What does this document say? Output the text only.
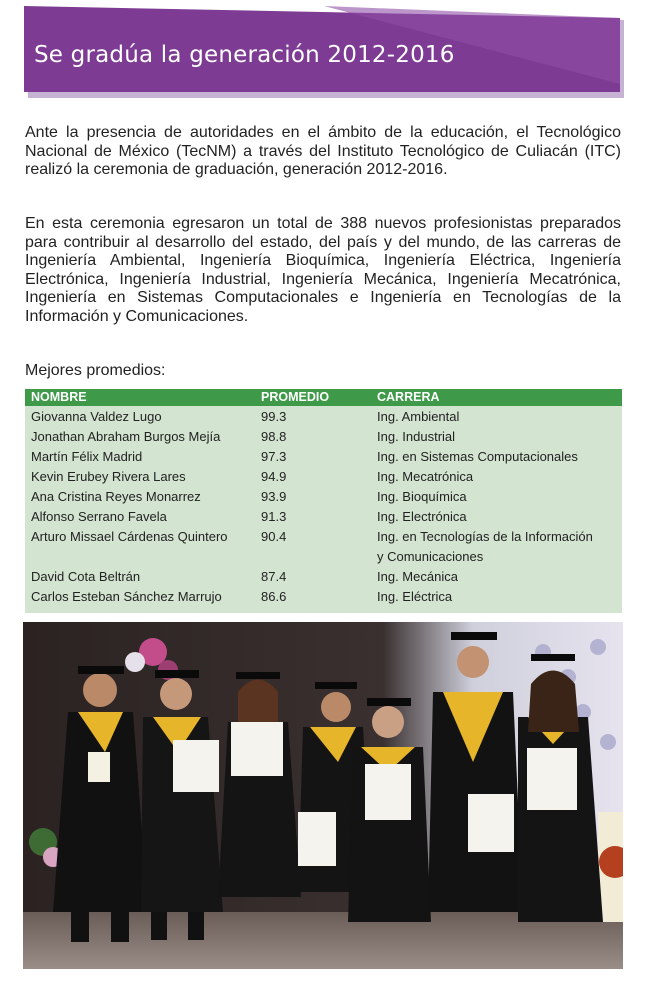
Se gradúa la generación 2012-2016

Ante la presencia de autoridades en el ámbito de la educación, el Tecnológico Nacional de México (TecNM) a través del Instituto Tecnológico de Culiacán (ITC) realizó la ceremonia de graduación, generación 2012-2016.

En esta ceremonia egresaron un total de 388 nuevos profesionistas preparados para contribuir al desarrollo del estado, del país y del mundo, de las carreras de Ingeniería Ambiental, Ingeniería Bioquímica, Ingeniería Eléctrica, Ingeniería Electrónica, Ingeniería Industrial, Ingeniería Mecánica, Ingeniería Mecatrónica, Ingeniería en Sistemas Computacionales e Ingeniería en Tecnologías de la Información y Comunicaciones.

Mejores promedios:
NOMBRE	PROMEDIO	CARRERA
Giovanna Valdez Lugo	99.3	Ing. Ambiental
Jonathan Abraham Burgos Mejía	98.8	Ing. Industrial
Martín Félix Madrid	97.3	Ing. en Sistemas Computacionales
Kevin Erubey Rivera Lares	94.9	Ing. Mecatrónica
Ana Cristina Reyes Monarrez	93.9	Ing. Bioquímica
Alfonso Serrano Favela	91.3	Ing. Electrónica
Arturo Missael Cárdenas Quintero	90.4	Ing. en Tecnologías de la Información
y Comunicaciones
David Cota Beltrán	87.4	Ing. Mecánica
Carlos Esteban Sánchez Marrujo	86.6	Ing. Eléctrica
